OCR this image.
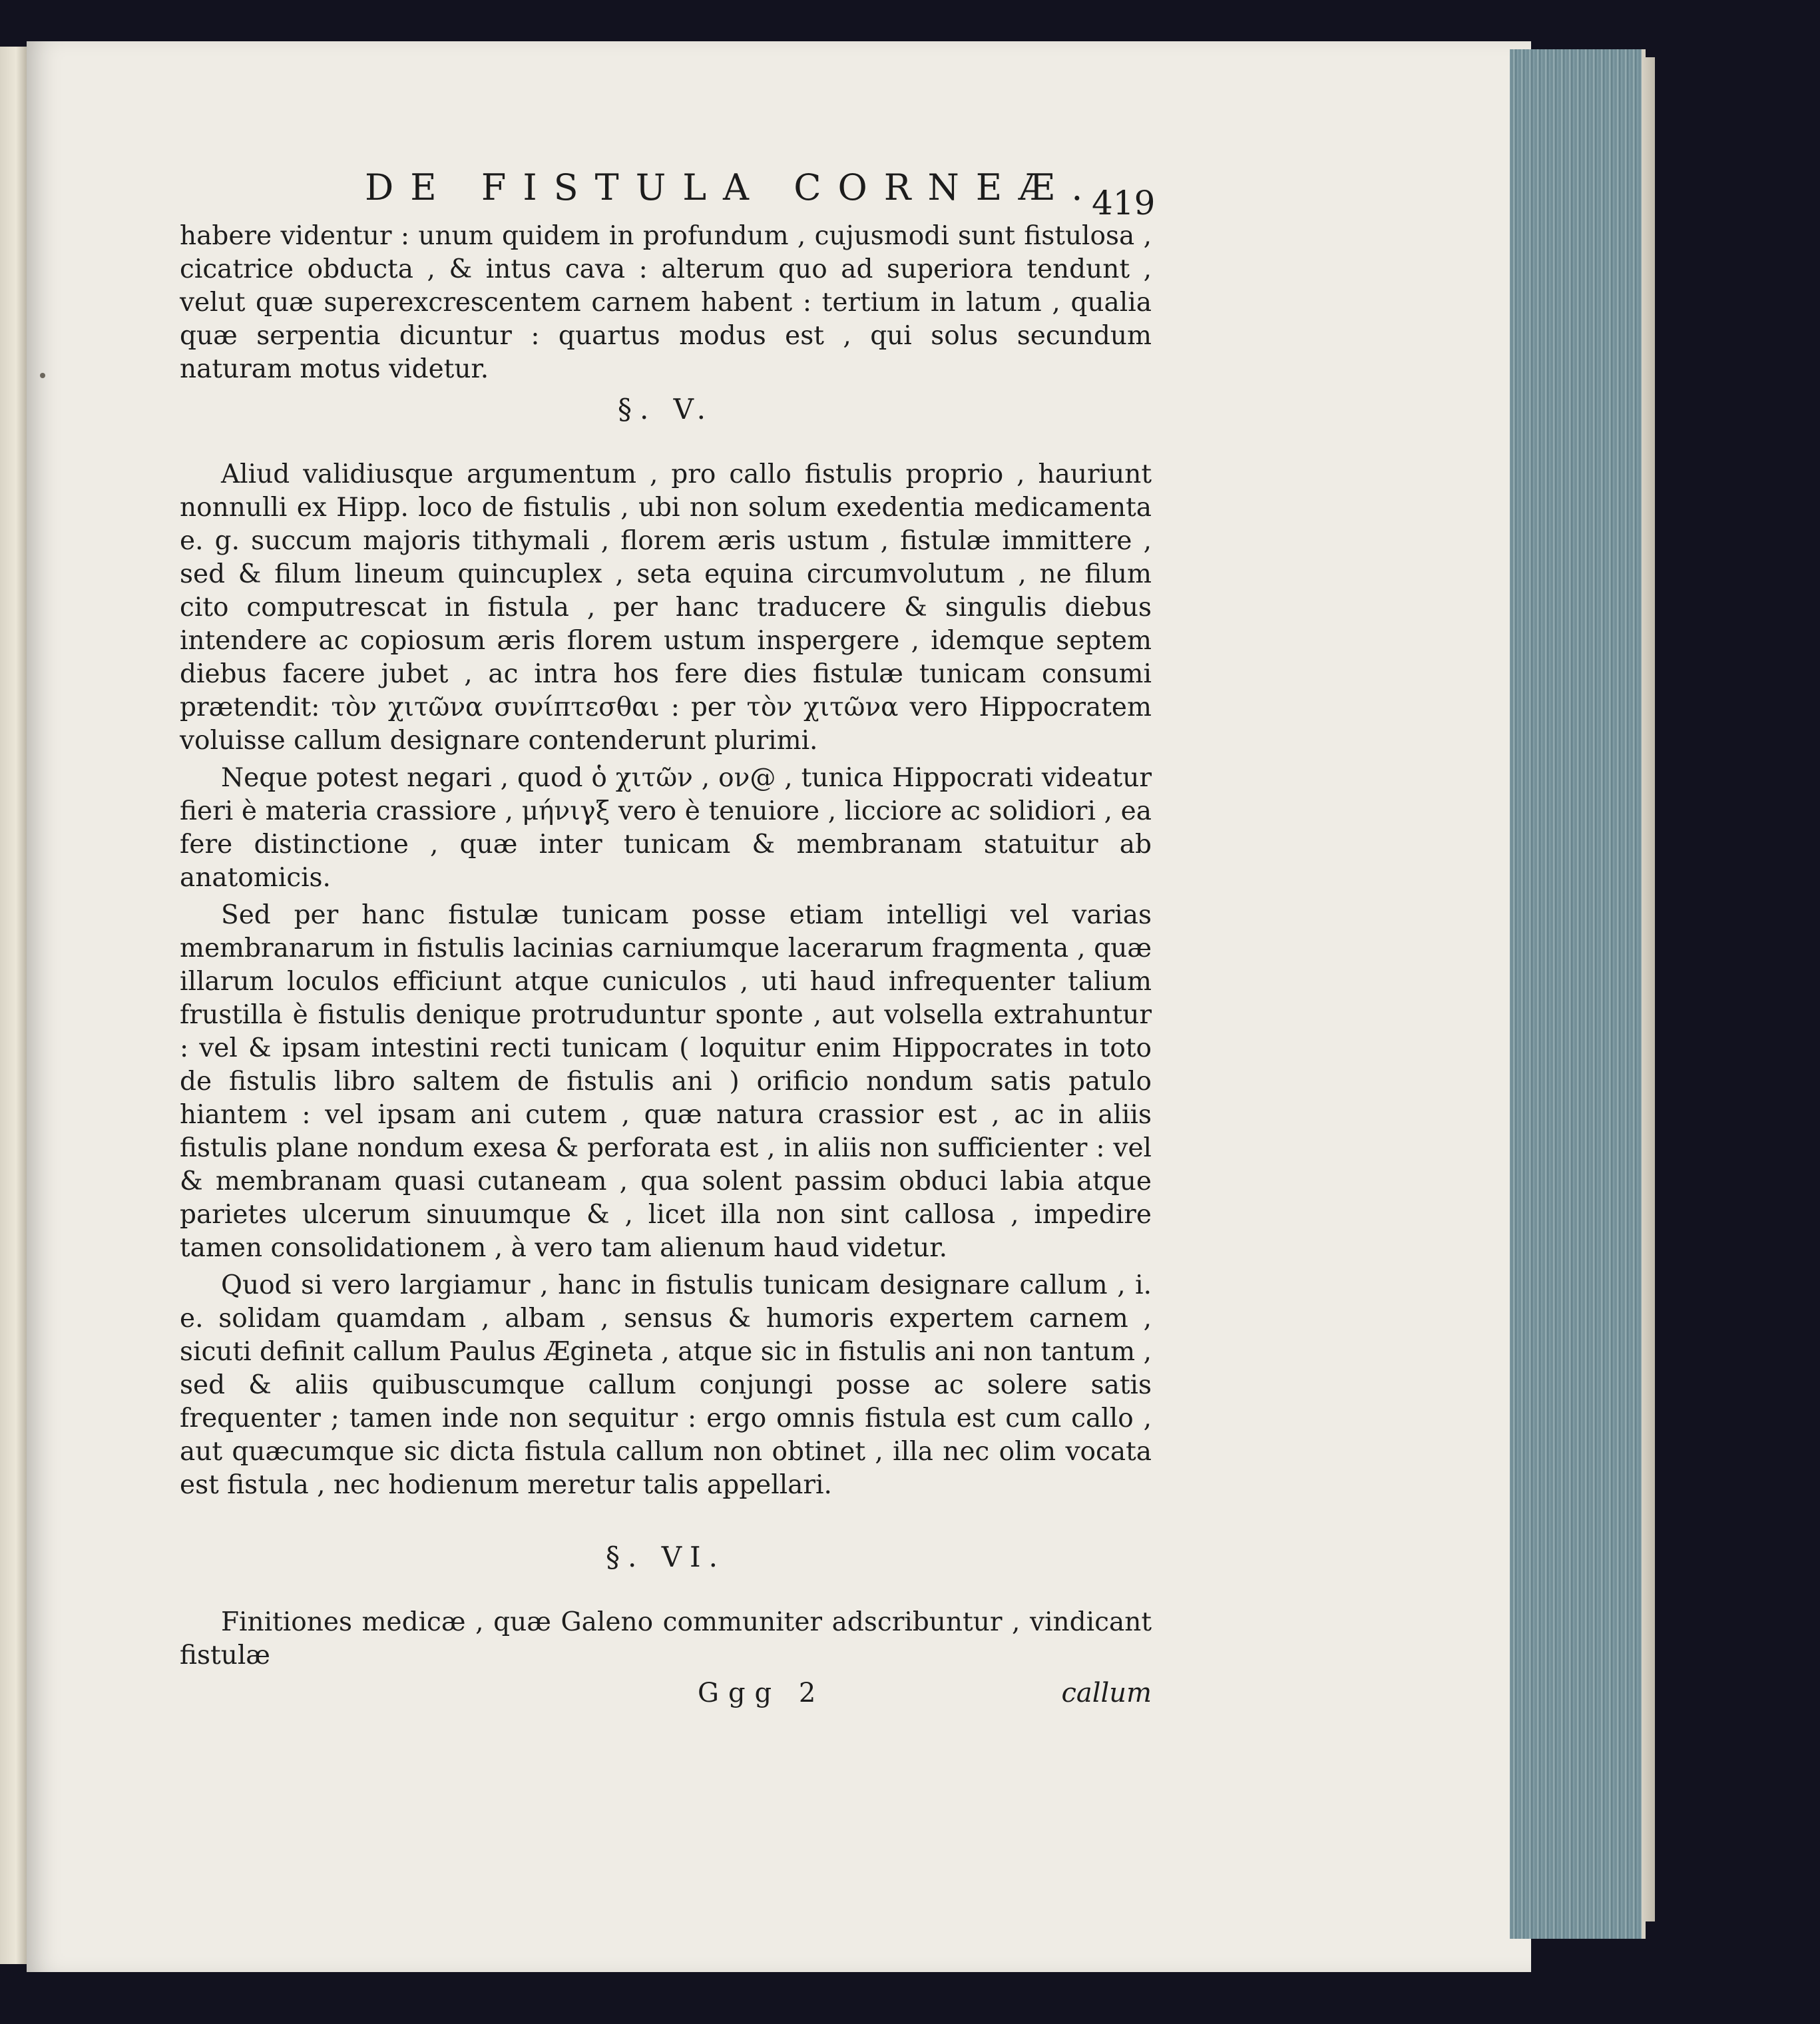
DE FISTULA CORNEÆ.
419

habere videntur : unum quidem in profundum , cujusmodi sunt fistulosa , cicatrice obducta , & intus cava : alterum quo ad superiora tendunt , velut quæ superexcrescentem carnem habent : tertium in latum , qualia quæ serpentia dicuntur : quartus modus est , qui solus secundum naturam motus videtur.

§. V.

Aliud validiusque argumentum , pro callo fistulis proprio , hauriunt nonnulli ex Hipp. loco de fistulis , ubi non solum exedentia medicamenta e. g. succum majoris tithymali , florem æris ustum , fistulæ immittere , sed & filum lineum quincuplex , seta equina circumvolutum , ne filum cito computrescat in fistula , per hanc traducere & singulis diebus intendere ac copiosum æris florem ustum inspergere , idemque septem diebus facere jubet , ac intra hos fere dies fistulæ tunicam consumi prætendit: τὸν χιτῶνα συνίπτεσθαι : per τὸν χιτῶνα vero Hippocratem voluisse callum designare contenderunt plurimi.

Neque potest negari , quod ὁ χιτῶν , ον@ , tunica Hippocrati videatur fieri è materia crassiore , μήνιγξ vero è tenuiore , licciore ac solidiori , ea fere distinctione , quæ inter tunicam & membranam statuitur ab anatomicis.

Sed per hanc fistulæ tunicam posse etiam intelligi vel varias membranarum in fistulis lacinias carniumque lacerarum fragmenta , quæ illarum loculos efficiunt atque cuniculos , uti haud infrequenter talium frustilla è fistulis denique protruduntur sponte , aut volsella extrahuntur : vel & ipsam intestini recti tunicam ( loquitur enim Hippocrates in toto de fistulis libro saltem de fistulis ani ) orificio nondum satis patulo hiantem : vel ipsam ani cutem , quæ natura crassior est , ac in aliis fistulis plane nondum exesa & perforata est , in aliis non sufficienter : vel & membranam quasi cutaneam , qua solent passim obduci labia atque parietes ulcerum sinuumque & , licet illa non sint callosa , impedire tamen consolidationem , à vero tam alienum haud videtur.

Quod si vero largiamur , hanc in fistulis tunicam designare callum , i. e. solidam quamdam , albam , sensus & humoris expertem carnem , sicuti definit callum Paulus Ægineta , atque sic in fistulis ani non tantum , sed & aliis quibuscumque callum conjungi posse ac solere satis frequenter ; tamen inde non sequitur : ergo omnis fistula est cum callo , aut quæcumque sic dicta fistula callum non obtinet , illa nec olim vocata est fistula , nec hodienum meretur talis appellari.

§. VI.

Finitiones medicæ , quæ Galeno communiter adscribuntur , vindicant fistulæ

Ggg 2	callum
